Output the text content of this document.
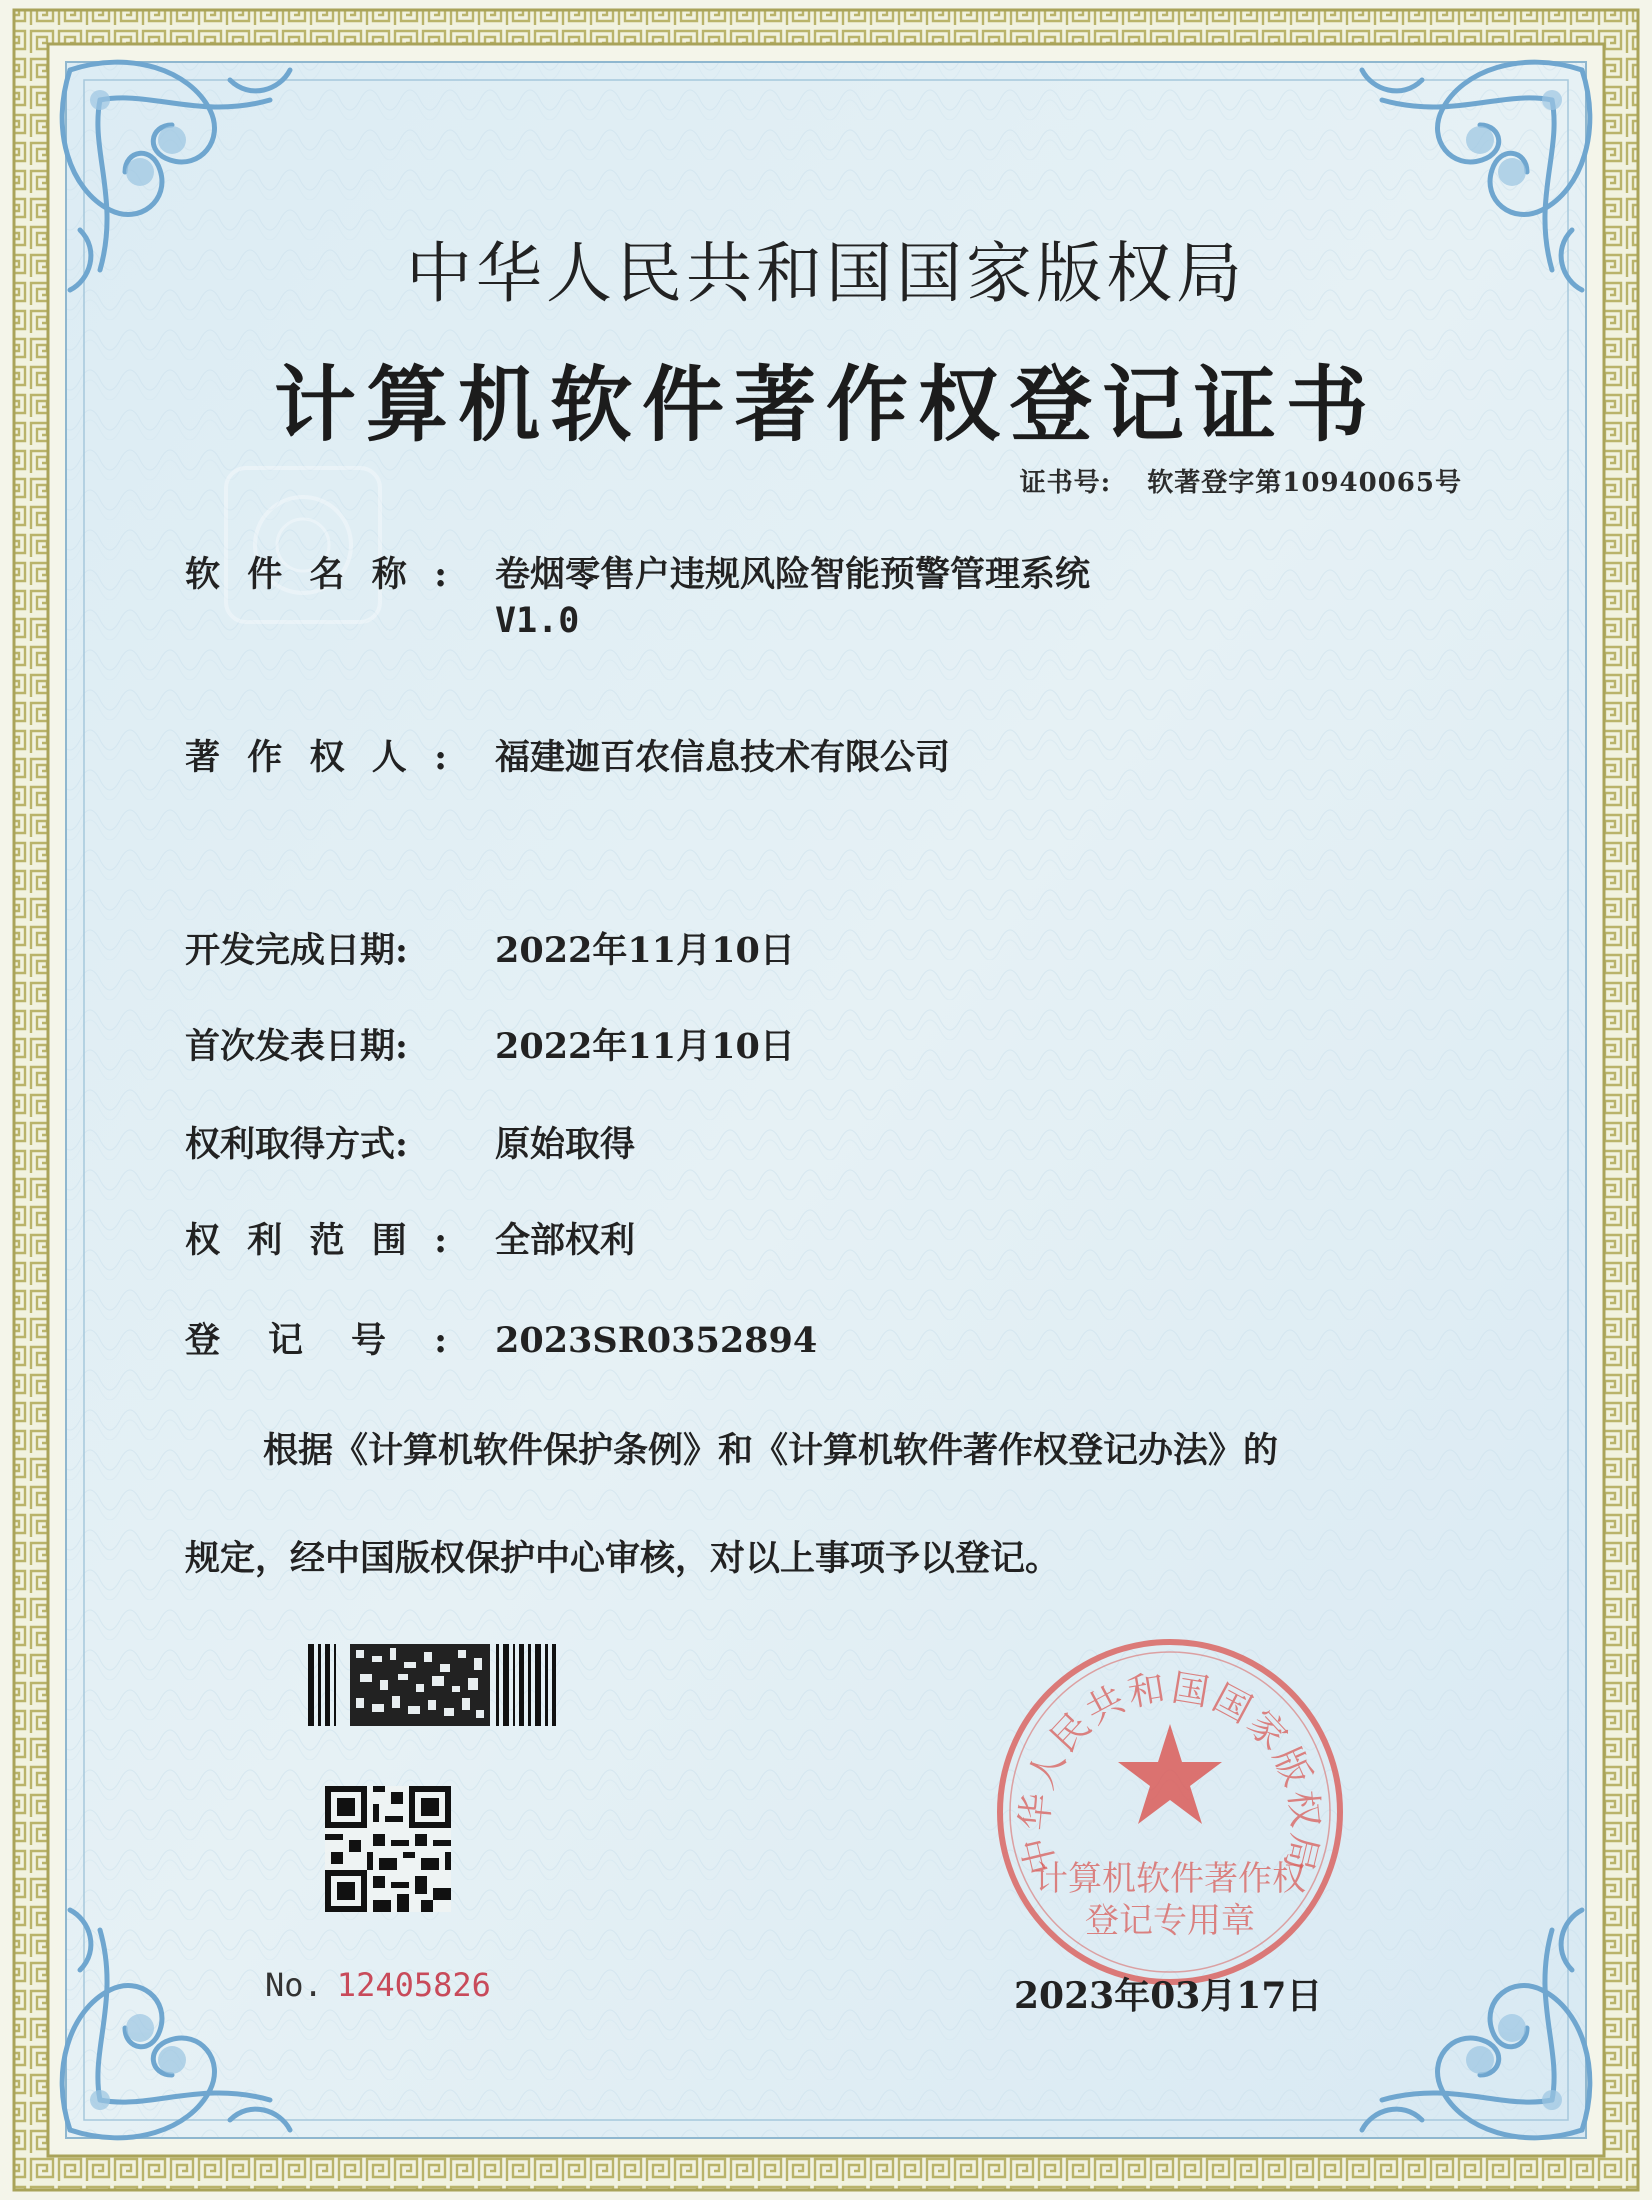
中华人民共和国国家版权局
计算机软件著作权登记证书
证书号: 软著登字第10940065号
软件名称: 卷烟零售户违规风险智能预警管理系统
V1.0
著作权人: 福建迦百农信息技术有限公司
开发完成日期: 2022年11月10日
首次发表日期: 2022年11月10日
权利取得方式: 原始取得
权利范围: 全部权利
登记号: 2023SR0352894
根据《计算机软件保护条例》和《计算机软件著作权登记办法》的
规定，经中国版权保护中心审核，对以上事项予以登记。
No. 12405826
中华人民共和国国家版权局
计算机软件著作权
登记专用章
2023年03月17日
